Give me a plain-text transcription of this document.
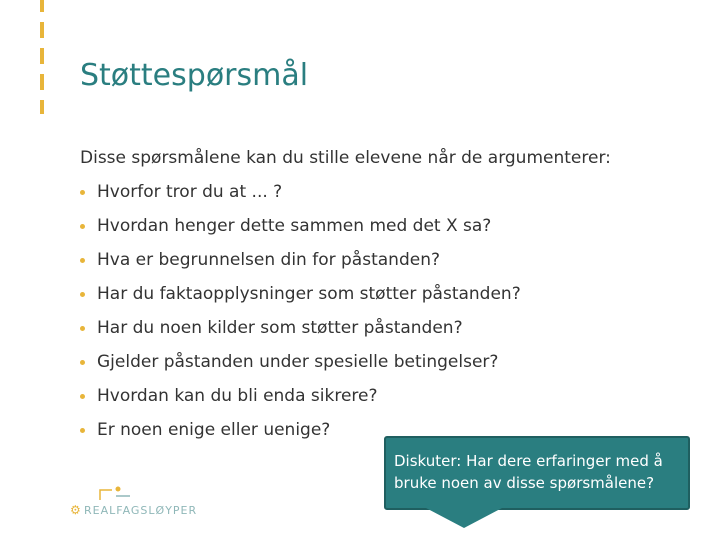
Støttespørsmål
Disse spørsmålene kan du stille elevene når de argumenterer:
Hvorfor tror du at ... ?
Hvordan henger dette sammen med det X sa?
Hva er begrunnelsen din for påstanden?
Har du faktaopplysninger som støtter påstanden?
Har du noen kilder som støtter påstanden?
Gjelder påstanden under spesielle betingelser?
Hvordan kan du bli enda sikrere?
Er noen enige eller uenige?
Diskuter: Har dere erfaringer med å bruke noen av disse spørsmålene?
⚙ REALFAGSLØYPER
